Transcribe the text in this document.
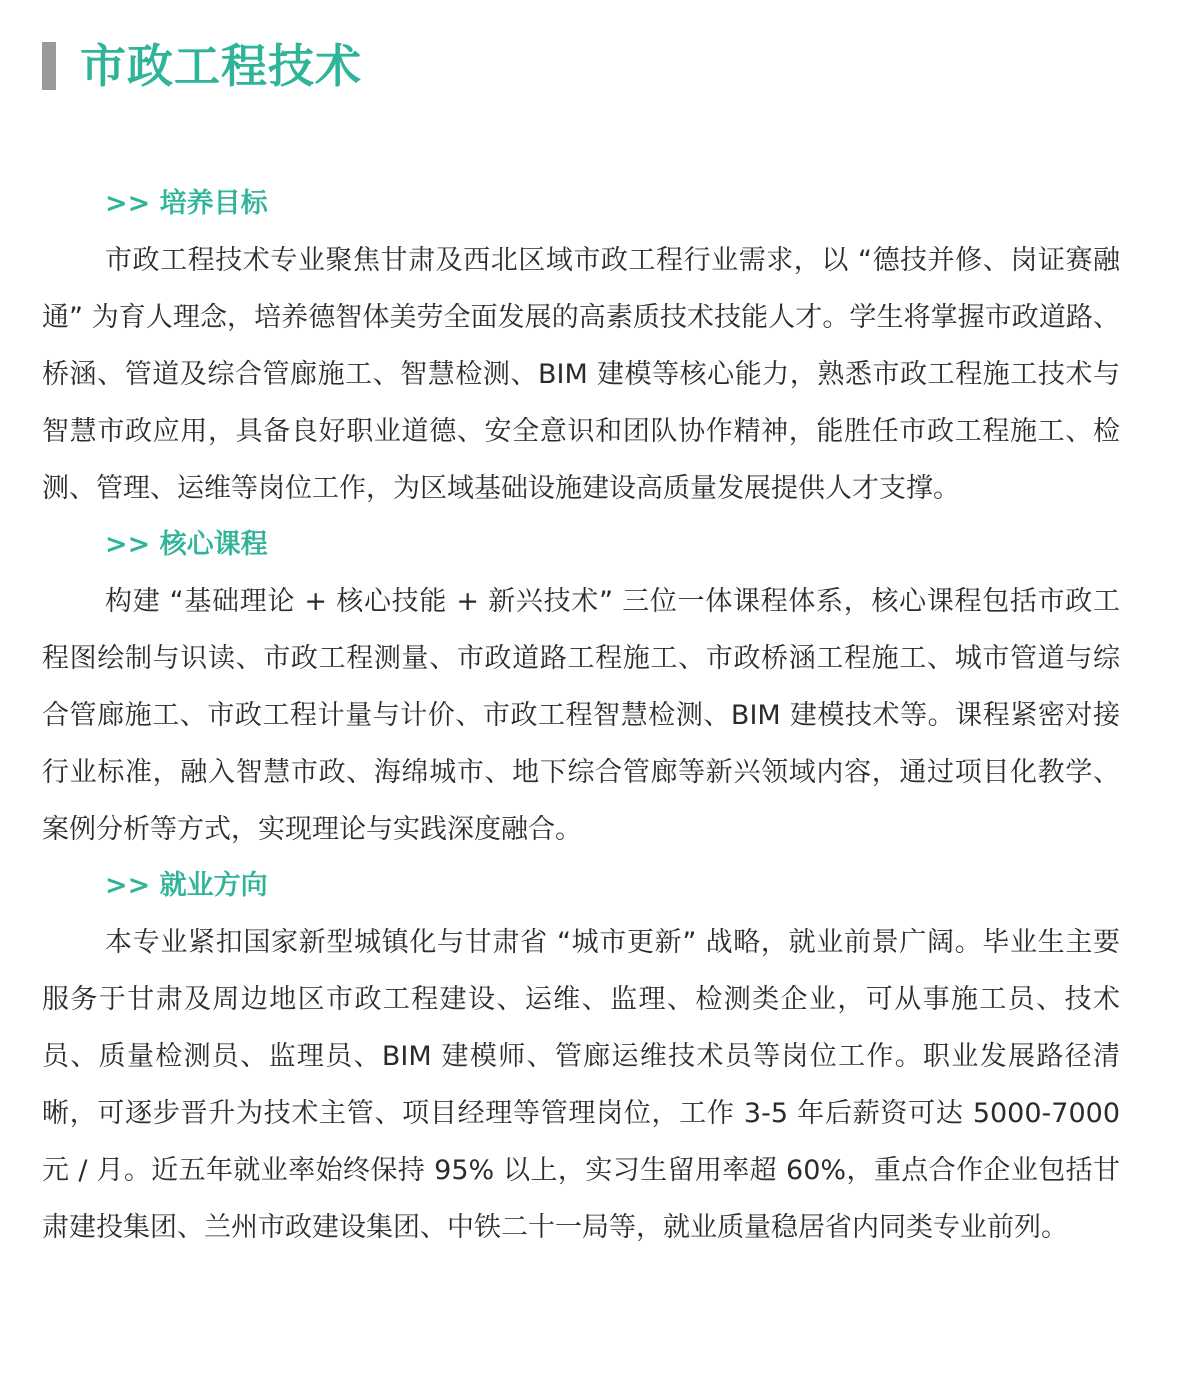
市政工程技术
>> 培养目标

市政工程技术专业聚焦甘肃及西北区域市政工程行业需求，以 “德技并修、岗证赛融通” 为育人理念，培养德智体美劳全面发展的高素质技术技能人才。学生将掌握市政道路、桥涵、管道及综合管廊施工、智慧检测、BIM 建模等核心能力，熟悉市政工程施工技术与智慧市政应用，具备良好职业道德、安全意识和团队协作精神，能胜任市政工程施工、检测、管理、运维等岗位工作，为区域基础设施建设高质量发展提供人才支撑。

>> 核心课程

构建 “基础理论 + 核心技能 + 新兴技术” 三位一体课程体系，核心课程包括市政工程图绘制与识读、市政工程测量、市政道路工程施工、市政桥涵工程施工、城市管道与综合管廊施工、市政工程计量与计价、市政工程智慧检测、BIM 建模技术等。课程紧密对接行业标准，融入智慧市政、海绵城市、地下综合管廊等新兴领域内容，通过项目化教学、案例分析等方式，实现理论与实践深度融合。

>> 就业方向

本专业紧扣国家新型城镇化与甘肃省 “城市更新” 战略，就业前景广阔。毕业生主要服务于甘肃及周边地区市政工程建设、运维、监理、检测类企业，可从事施工员、技术员、质量检测员、监理员、BIM 建模师、管廊运维技术员等岗位工作。职业发展路径清晰，可逐步晋升为技术主管、项目经理等管理岗位，工作 3-5 年后薪资可达 5000-7000 元 / 月。近五年就业率始终保持 95% 以上，实习生留用率超 60%，重点合作企业包括甘肃建投集团、兰州市政建设集团、中铁二十一局等，就业质量稳居省内同类专业前列。
